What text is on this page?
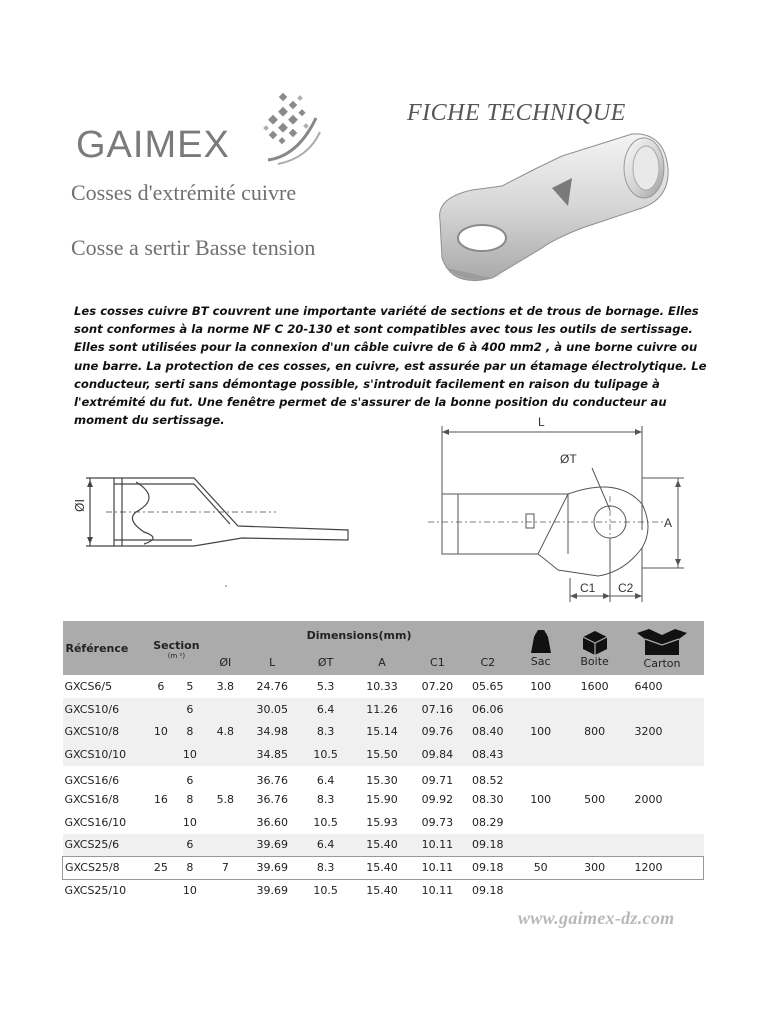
GAIMEX
FICHE TECHNIQUE
Cosses d'extrémité cuivre
Cosse a sertir Basse tension

Les cosses cuivre BT couvrent une importante variété de sections et de trous de bornage. Elles sont conformes à la norme NF C 20-130 et sont compatibles avec tous les outils de sertissage. Elles sont utilisées pour la connexion d'un câble cuivre de 6 à 400 mm2 , à une borne cuivre ou une barre. La protection de ces cosses, en cuivre, est assurée par un étamage électrolytique. Le conducteur, serti sans démontage possible, s'introduit facilement en raison du tulipage à l'extrémité du fut. Une fenêtre permet de s'assurer de la bonne position du conducteur au moment du sertissage.

ØI
L
ØT
A
C1 C2
Référence	Section
(m ²)		Dimensions(mm)						Sac	Boite	Carton	

			ØI	L	ØT	A	C1	C2				
GXCS6/5	6	5	3.8	24.76	5.3	10.33	07.20	05.65	100	1600	6400	
GXCS10/6		6		30.05	6.4	11.26	07.16	06.06				
GXCS10/8	10	8	4.8	34.98	8.3	15.14	09.76	08.40	100	800	3200	
GXCS10/10		10		34.85	10.5	15.50	09.84	08.43				
GXCS16/6		6		36.76	6.4	15.30	09.71	08.52				
GXCS16/8	16	8	5.8	36.76	8.3	15.90	09.92	08.30	100	500	2000	
GXCS16/10		10		36.60	10.5	15.93	09.73	08.29				
GXCS25/6		6		39.69	6.4	15.40	10.11	09.18				
GXCS25/8	25	8	7	39.69	8.3	15.40	10.11	09.18	50	300	1200	
GXCS25/10		10		39.69	10.5	15.40	10.11	09.18				
www.gaimex-dz.com
